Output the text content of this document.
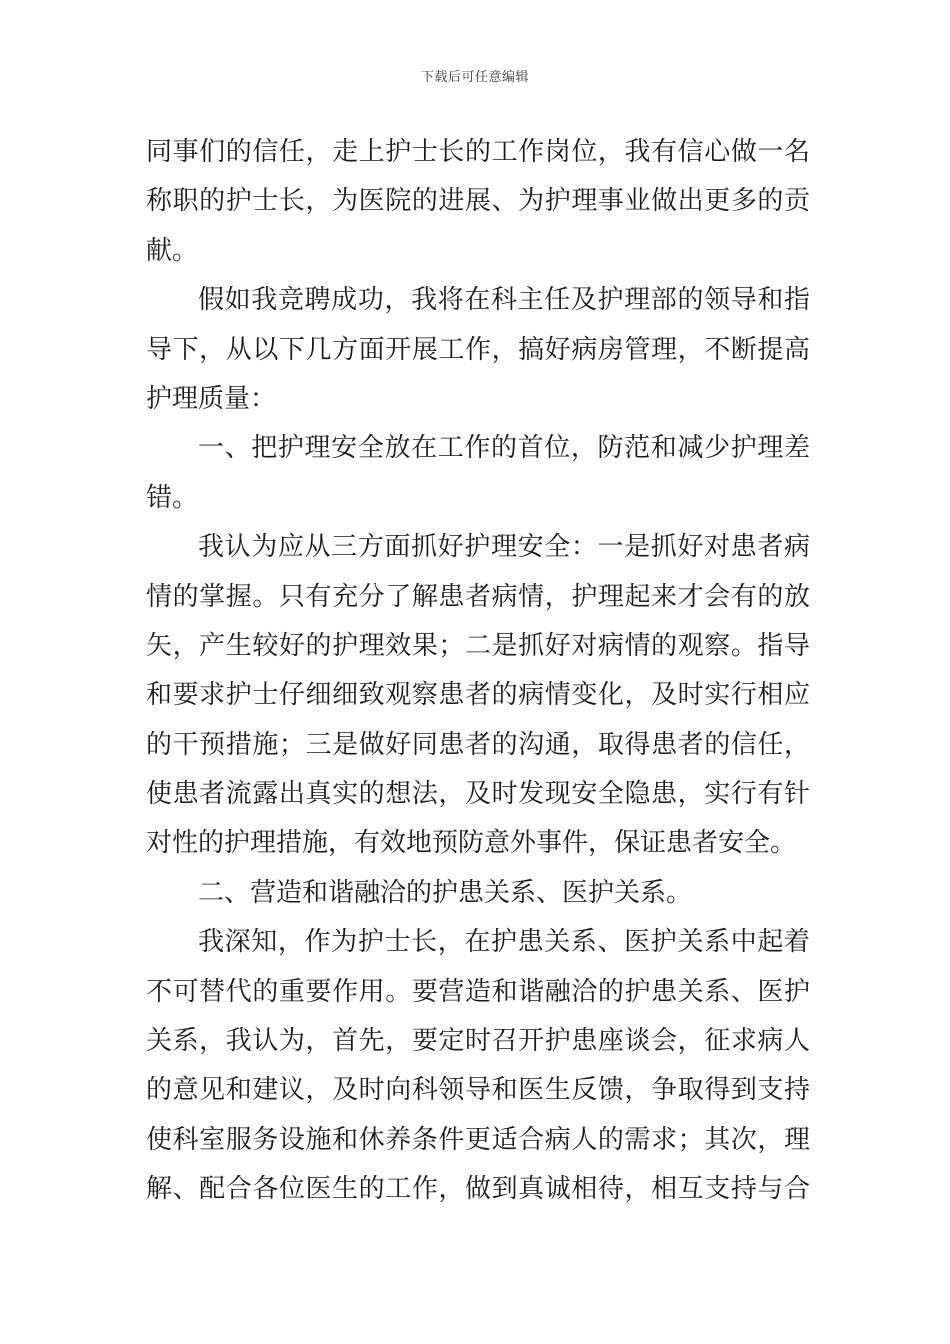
下载后可任意编辑
同事们的信任，走上护士长的工作岗位，我有信心做一名
称职的护士长，为医院的进展、为护理事业做出更多的贡
献。
假如我竞聘成功，我将在科主任及护理部的领导和指
导下，从以下几方面开展工作，搞好病房管理，不断提高
护理质量：
一、把护理安全放在工作的首位，防范和减少护理差
错。
我认为应从三方面抓好护理安全：一是抓好对患者病
情的掌握。只有充分了解患者病情，护理起来才会有的放
矢，产生较好的护理效果；二是抓好对病情的观察。指导
和要求护士仔细细致观察患者的病情变化，及时实行相应
的干预措施；三是做好同患者的沟通，取得患者的信任，
使患者流露出真实的想法，及时发现安全隐患，实行有针
对性的护理措施，有效地预防意外事件，保证患者安全。
二、营造和谐融洽的护患关系、医护关系。
我深知，作为护士长，在护患关系、医护关系中起着
不可替代的重要作用。要营造和谐融洽的护患关系、医护
关系，我认为，首先，要定时召开护患座谈会，征求病人
的意见和建议，及时向科领导和医生反馈，争取得到支持
使科室服务设施和休养条件更适合病人的需求；其次，理
解、配合各位医生的工作，做到真诚相待，相互支持与合
